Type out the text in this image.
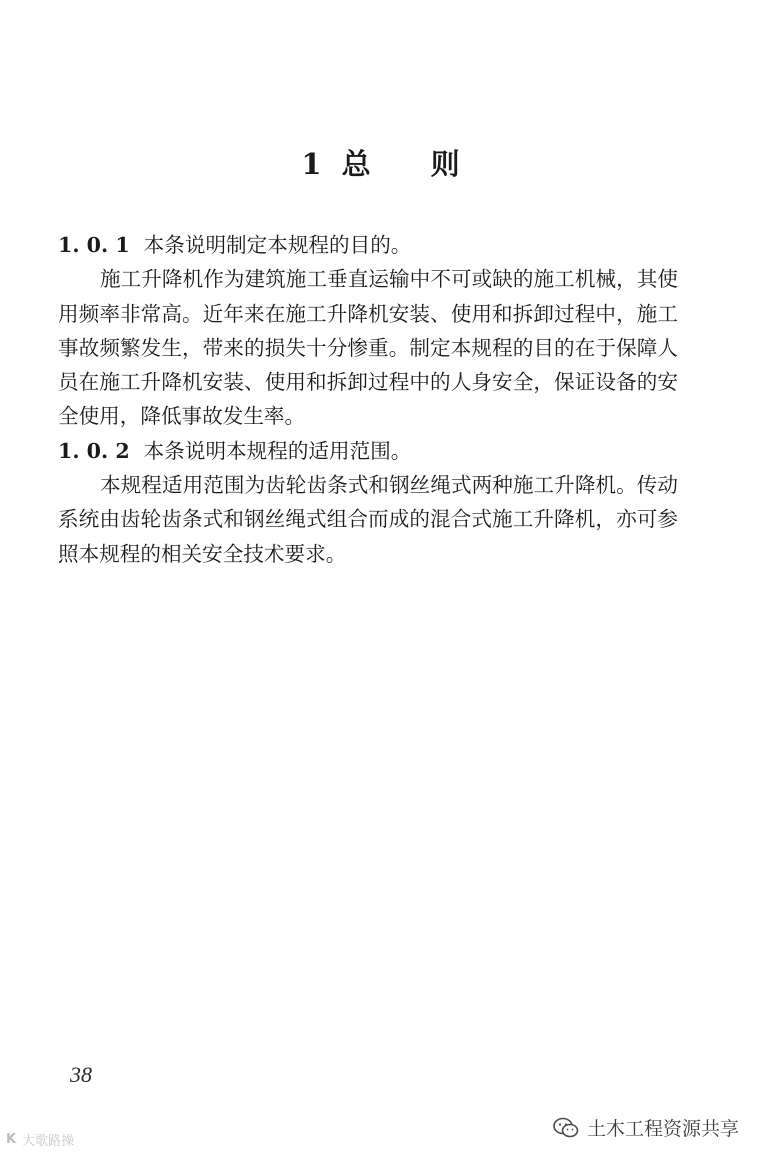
1 总 则
1. 0. 1 本条说明制定本规程的目的。

施工升降机作为建筑施工垂直运输中不可或缺的施工机械，其使用频率非常高。近年来在施工升降机安装、使用和拆卸过程中，施工事故频繁发生，带来的损失十分惨重。制定本规程的目的在于保障人员在施工升降机安装、使用和拆卸过程中的人身安全，保证设备的安全使用，降低事故发生率。

1. 0. 2 本条说明本规程的适用范围。

本规程适用范围为齿轮齿条式和钢丝绳式两种施工升降机。传动系统由齿轮齿条式和钢丝绳式组合而成的混合式施工升降机，亦可参照本规程的相关安全技术要求。

38
土木工程资源共享
K 大歌路操
